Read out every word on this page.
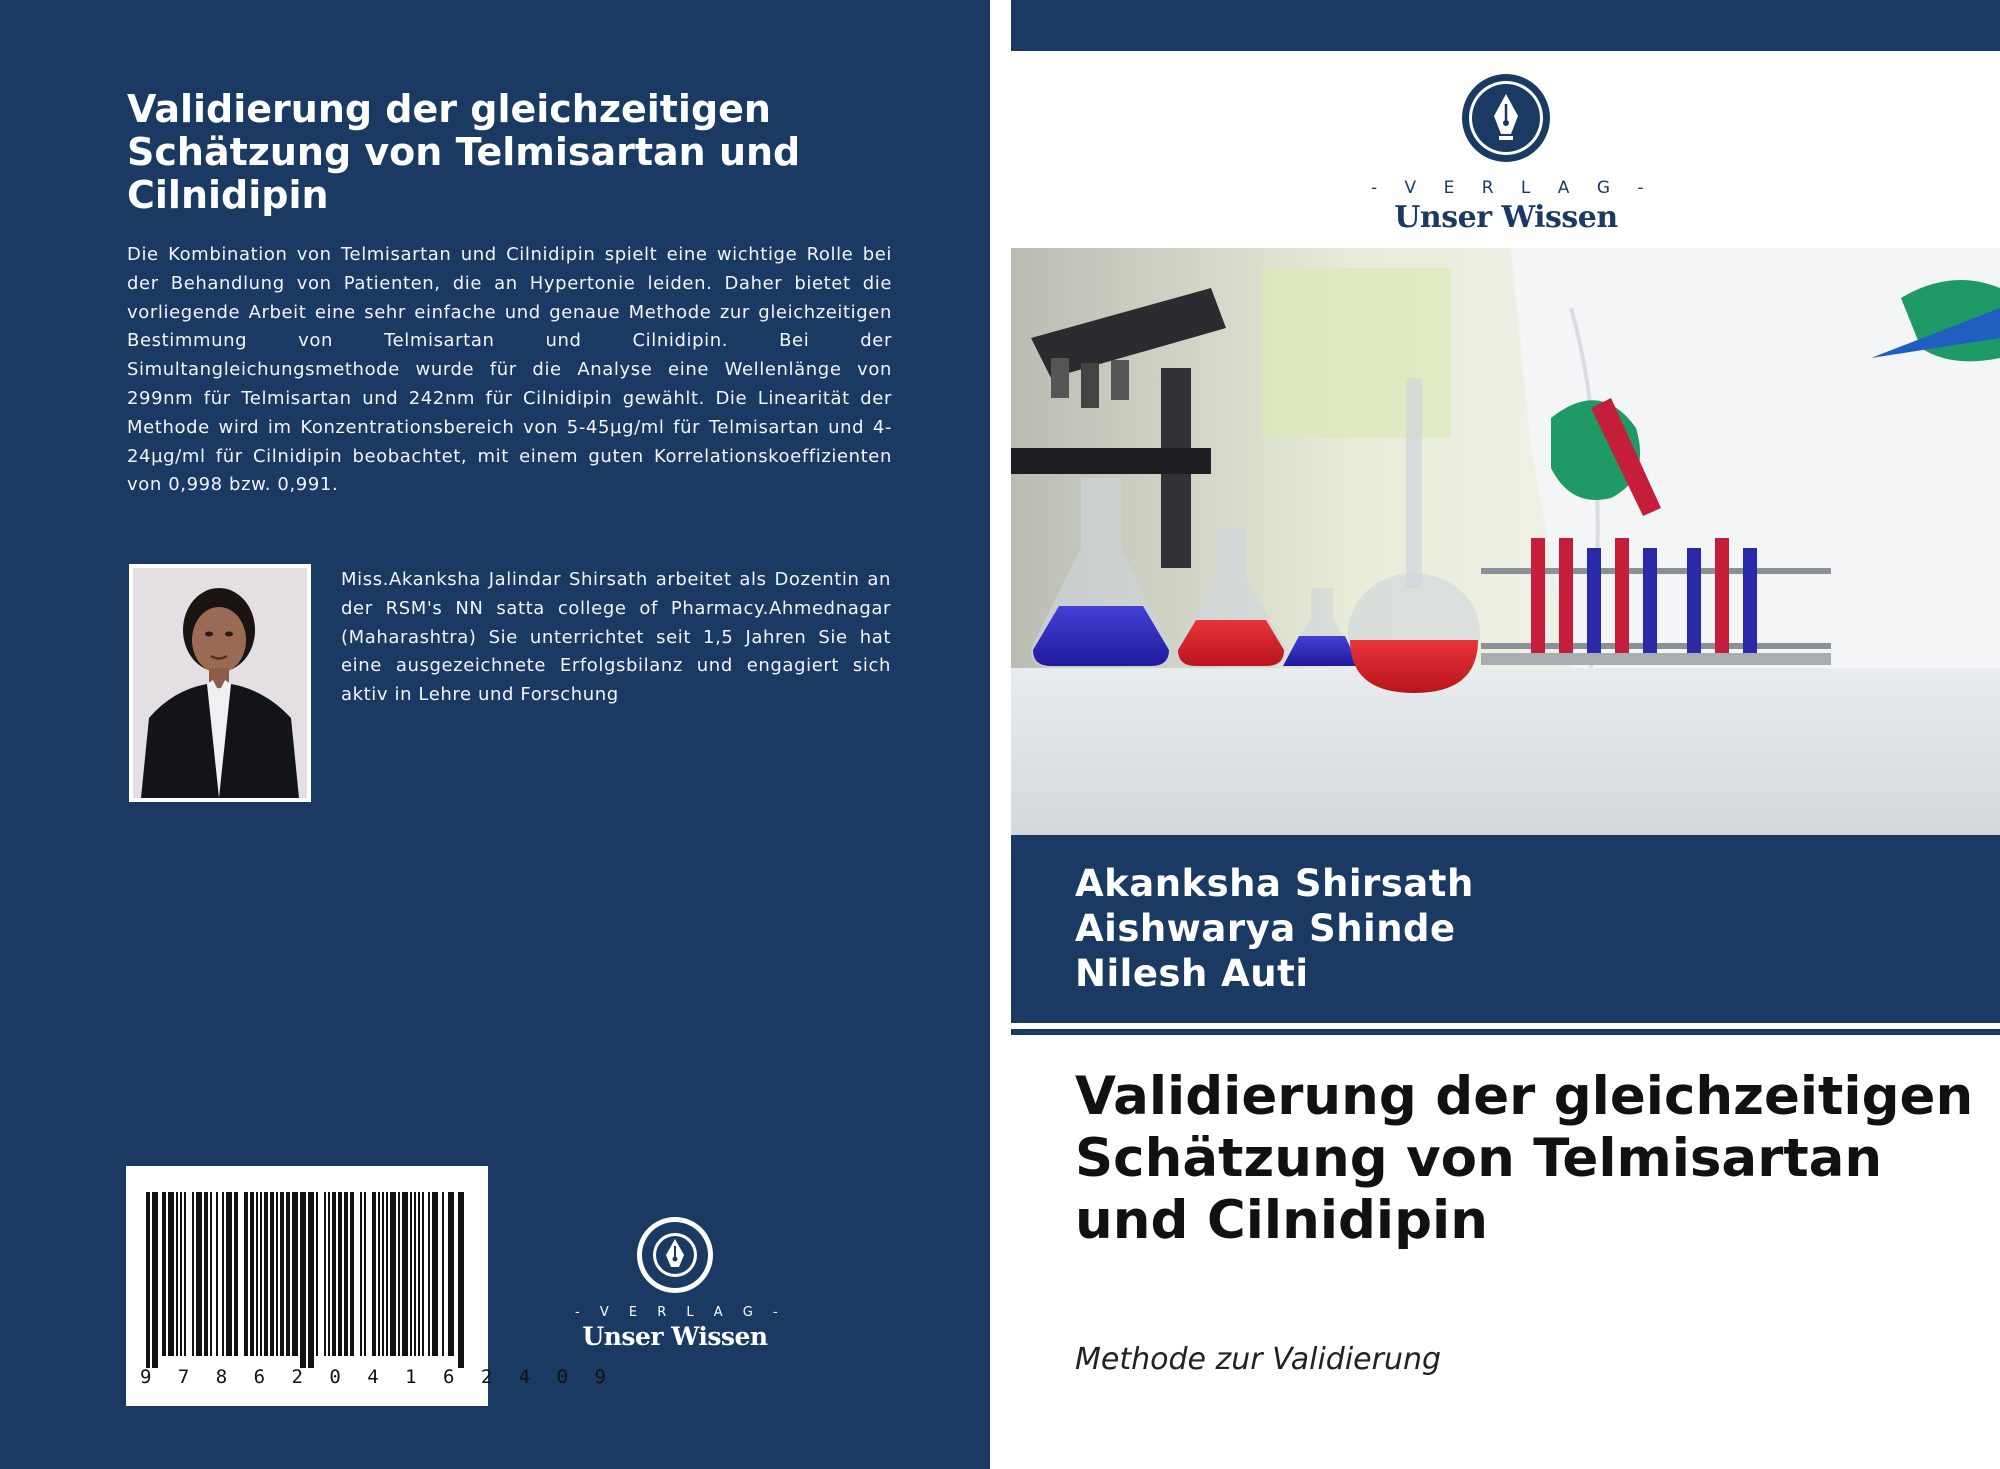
Validierung der gleichzeitigen Schätzung von Telmisartan und Cilnidipin

Die Kombination von Telmisartan und Cilnidipin spielt eine wichtige Rolle bei der Behandlung von Patienten, die an Hypertonie leiden. Daher bietet die vorliegende Arbeit eine sehr einfache und genaue Methode zur gleichzeitigen Bestimmung von Telmisartan und Cilnidipin. Bei der Simultangleichungsmethode wurde für die Analyse eine Wellenlänge von 299nm für Telmisartan und 242nm für Cilnidipin gewählt. Die Linearität der Methode wird im Konzentrationsbereich von 5-45µg/ml für Telmisartan und 4-24µg/ml für Cilnidipin beobachtet, mit einem guten Korrelationskoeffizienten von 0,998 bzw. 0,991.

Miss.Akanksha Jalindar Shirsath arbeitet als Dozentin an der RSM's NN satta college of Pharmacy.Ahmednagar (Maharashtra) Sie unterrichtet seit 1,5 Jahren Sie hat eine ausgezeichnete Erfolgsbilanz und engagiert sich aktiv in Lehre und Forschung

9 7 8 6 2 0 4 1 6 2 4 0 9
- V E R L A G -
Unser Wissen
- V E R L A G -
Unser Wissen
Akanksha Shirsath
Aishwarya Shinde
Nilesh Auti
Validierung der gleichzeitigen Schätzung von Telmisartan und Cilnidipin

Methode zur Validierung
